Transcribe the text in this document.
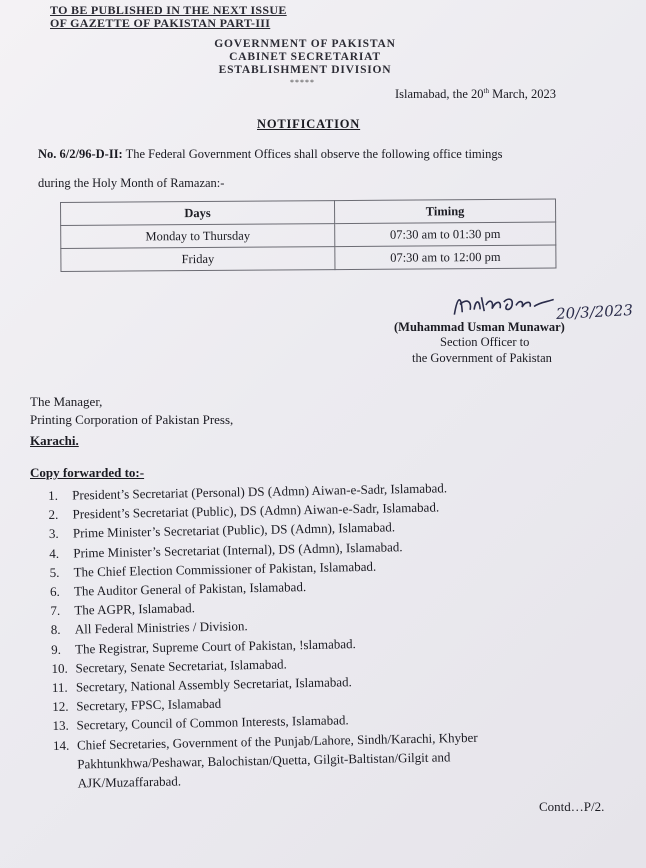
TO BE PUBLISHED IN THE NEXT ISSUE
OF GAZETTE OF PAKISTAN PART-III
GOVERNMENT OF PAKISTAN
CABINET SECRETARIAT
ESTABLISHMENT DIVISION
*****
Islamabad, the 20th March, 2023
NOTIFICATION
No. 6/2/96-D-II: The Federal Government Offices shall observe the following office timings
during the Holy Month of Ramazan:-
Days	Timing
Monday to Thursday	07:30 am to 01:30 pm
Friday	07:30 am to 12:00 pm
20/3/2023
(Muhammad Usman Munawar)
Section Officer to
the Government of Pakistan
The Manager,
Printing Corporation of Pakistan Press,
Karachi.
Copy forwarded to:-
1. President’s Secretariat (Personal) DS (Admn) Aiwan-e-Sadr, Islamabad.
2. President’s Secretariat (Public), DS (Admn) Aiwan-e-Sadr, Islamabad.
3. Prime Minister’s Secretariat (Public), DS (Admn), Islamabad.
4. Prime Minister’s Secretariat (Internal), DS (Admn), Islamabad.
5. The Chief Election Commissioner of Pakistan, Islamabad.
6. The Auditor General of Pakistan, Islamabad.
7. The AGPR, Islamabad.
8. All Federal Ministries / Division.
9. The Registrar, Supreme Court of Pakistan, !slamabad.
10. Secretary, Senate Secretariat, Islamabad.
11. Secretary, National Assembly Secretariat, Islamabad.
12. Secretary, FPSC, Islamabad
13. Secretary, Council of Common Interests, Islamabad.
14. Chief Secretaries, Government of the Punjab/Lahore, Sindh/Karachi, Khyber
Pakhtunkhwa/Peshawar, Balochistan/Quetta, Gilgit-Baltistan/Gilgit and
AJK/Muzaffarabad.
Contd…P/2.
